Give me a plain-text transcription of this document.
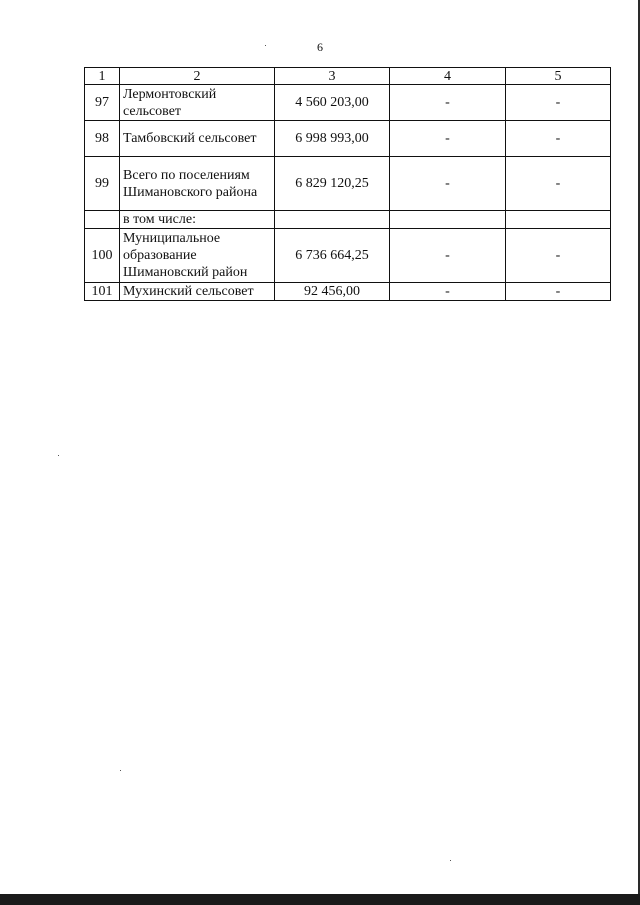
6
1	2	3	4	5
97	Лермонтовский сельсовет	4 560 203,00	-	-
98	Тамбовский сельсовет	6 998 993,00	-	-
99	Всего по поселениям Шимановского района	6 829 120,25	-	-
	в том числе:			
100	Муниципальное образование Шимановский район	6 736 664,25	-	-
101	Мухинский сельсовет	92 456,00	-	-
